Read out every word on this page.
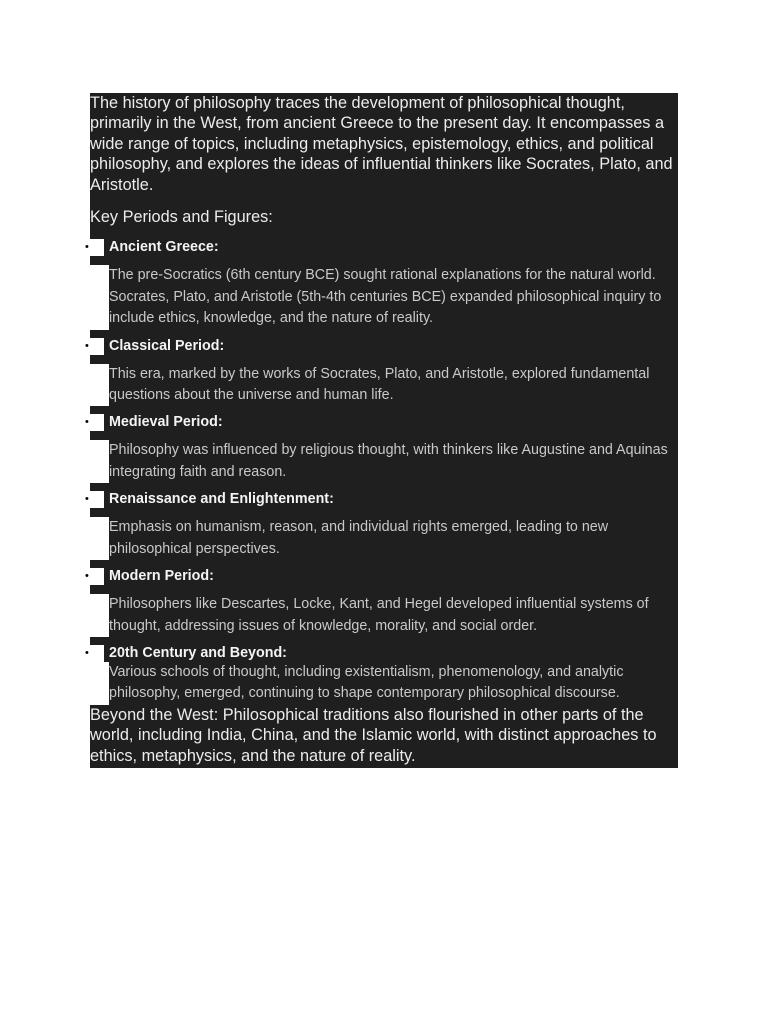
The history of philosophy traces the development of philosophical thought, primarily in the West, from ancient Greece to the present day. It encompasses a wide range of topics, including metaphysics, epistemology, ethics, and political philosophy, and explores the ideas of influential thinkers like Socrates, Plato, and Aristotle.

Key Periods and Figures:

•	Ancient Greece:
The pre-Socratics (6th century BCE) sought rational explanations for the natural world. Socrates, Plato, and Aristotle (5th-4th centuries BCE) expanded philosophical inquiry to include ethics, knowledge, and the nature of reality.
•	Classical Period:
This era, marked by the works of Socrates, Plato, and Aristotle, explored fundamental questions about the universe and human life.
•	Medieval Period:
Philosophy was influenced by religious thought, with thinkers like Augustine and Aquinas integrating faith and reason.
•	Renaissance and Enlightenment:
Emphasis on humanism, reason, and individual rights emerged, leading to new philosophical perspectives.
•	Modern Period:
Philosophers like Descartes, Locke, Kant, and Hegel developed influential systems of thought, addressing issues of knowledge, morality, and social order.
•	20th Century and Beyond:
Various schools of thought, including existentialism, phenomenology, and analytic philosophy, emerged, continuing to shape contemporary philosophical discourse.

Beyond the West: Philosophical traditions also flourished in other parts of the world, including India, China, and the Islamic world, with distinct approaches to ethics, metaphysics, and the nature of reality.
